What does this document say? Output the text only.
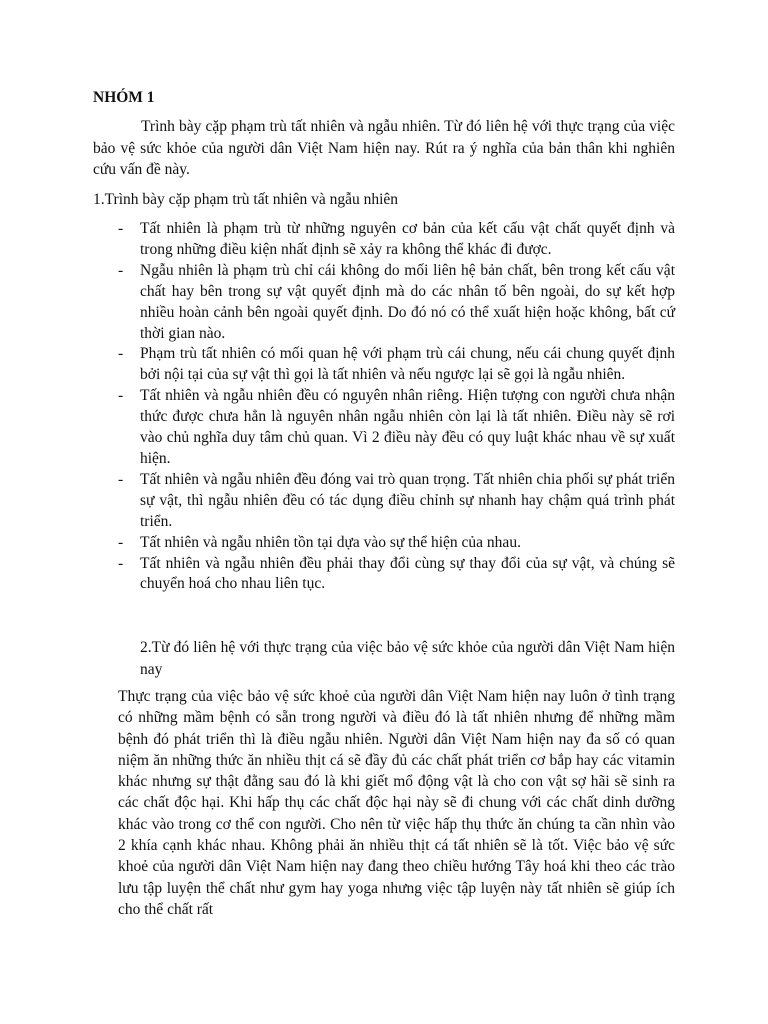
NHÓM 1

Trình bày cặp phạm trù tất nhiên và ngẫu nhiên. Từ đó liên hệ với thực trạng của việc bảo vệ sức khỏe của người dân Việt Nam hiện nay. Rút ra ý nghĩa của bản thân khi nghiên cứu vấn đề này.

1.Trình bày cặp phạm trù tất nhiên và ngẫu nhiên
- Tất nhiên là phạm trù từ những nguyên cơ bản của kết cấu vật chất quyết định và trong những điều kiện nhất định sẽ xảy ra không thể khác đi được.
- Ngẫu nhiên là phạm trù chỉ cái không do mối liên hệ bản chất, bên trong kết cấu vật chất hay bên trong sự vật quyết định mà do các nhân tố bên ngoài, do sự kết hợp nhiều hoàn cảnh bên ngoài quyết định. Do đó nó có thể xuất hiện hoặc không, bất cứ thời gian nào.
- Phạm trù tất nhiên có mối quan hệ với phạm trù cái chung, nếu cái chung quyết định bởi nội tại của sự vật thì gọi là tất nhiên và nếu ngược lại sẽ gọi là ngẫu nhiên.
- Tất nhiên và ngẫu nhiên đều có nguyên nhân riêng. Hiện tượng con người chưa nhận thức được chưa hẳn là nguyên nhân ngẫu nhiên còn lại là tất nhiên. Điều này sẽ rơi vào chủ nghĩa duy tâm chủ quan. Vì 2 điều này đều có quy luật khác nhau về sự xuất hiện.
- Tất nhiên và ngẫu nhiên đều đóng vai trò quan trọng. Tất nhiên chia phối sự phát triển sự vật, thì ngẫu nhiên đều có tác dụng điều chỉnh sự nhanh hay chậm quá trình phát triển.
- Tất nhiên và ngẫu nhiên tồn tại dựa vào sự thể hiện của nhau.
- Tất nhiên và ngẫu nhiên đều phải thay đổi cùng sự thay đổi của sự vật, và chúng sẽ chuyển hoá cho nhau liên tục.
2.Từ đó liên hệ với thực trạng của việc bảo vệ sức khỏe của người dân Việt Nam hiện nay

Thực trạng của việc bảo vệ sức khoẻ của người dân Việt Nam hiện nay luôn ở tình trạng có những mầm bệnh có sẵn trong người và điều đó là tất nhiên nhưng để những mầm bệnh đó phát triển thì là điều ngẫu nhiên. Người dân Việt Nam hiện nay đa số có quan niệm ăn những thức ăn nhiều thịt cá sẽ đầy đủ các chất phát triển cơ bắp hay các vitamin khác nhưng sự thật đằng sau đó là khi giết mổ động vật là cho con vật sợ hãi sẽ sinh ra các chất độc hại. Khi hấp thụ các chất độc hại này sẽ đi chung với các chất dinh dưỡng khác vào trong cơ thể con người. Cho nên từ việc hấp thụ thức ăn chúng ta cần nhìn vào 2 khía cạnh khác nhau. Không phải ăn nhiều thịt cá tất nhiên sẽ là tốt. Việc bảo vệ sức khoẻ của người dân Việt Nam hiện nay đang theo chiều hướng Tây hoá khi theo các trào lưu tập luyện thể chất như gym hay yoga nhưng việc tập luyện này tất nhiên sẽ giúp ích cho thể chất rất
